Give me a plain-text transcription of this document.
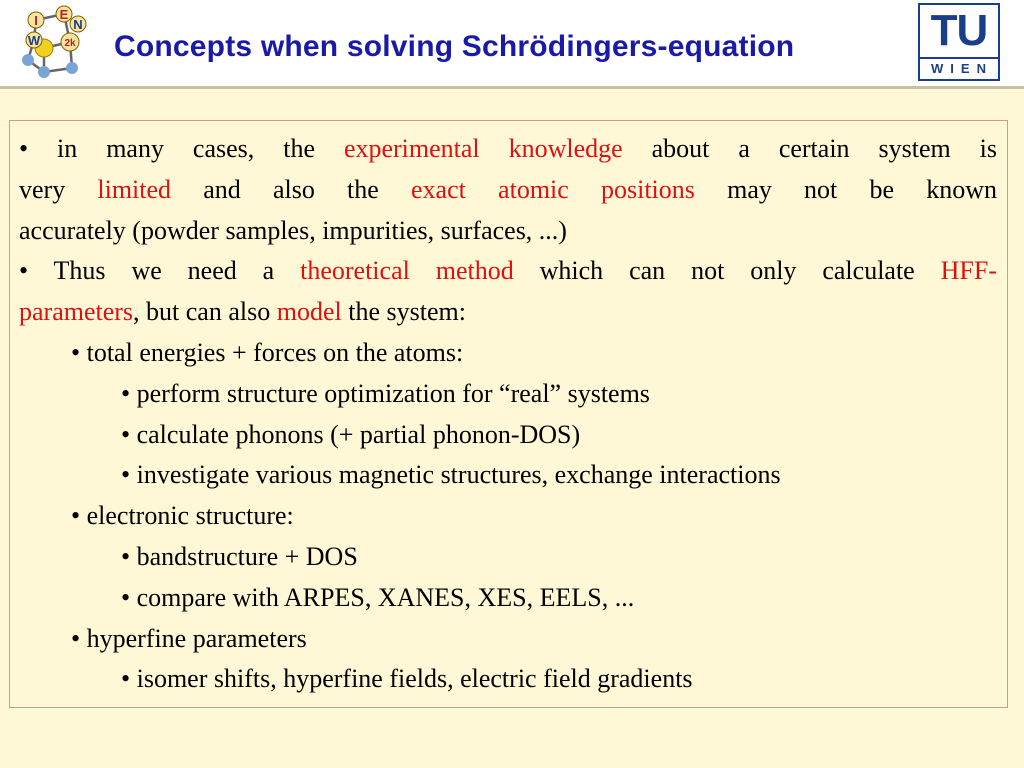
I E
W
N
2k Concepts when solving Schrödingers-equation	TU
WIEN

• in many cases, the experimental knowledge about a certain system is

very limited and also the exact atomic positions may not be known

accurately (powder samples, impurities, surfaces, ...)

• Thus we need a theoretical method which can not only calculate HFF-

parameters, but can also model the system:

• total energies + forces on the atoms:

• perform structure optimization for “real” systems

• calculate phonons (+ partial phonon-DOS)

• investigate various magnetic structures, exchange interactions

• electronic structure:

• bandstructure + DOS

• compare with ARPES, XANES, XES, EELS, ...

• hyperfine parameters

• isomer shifts, hyperfine fields, electric field gradients
